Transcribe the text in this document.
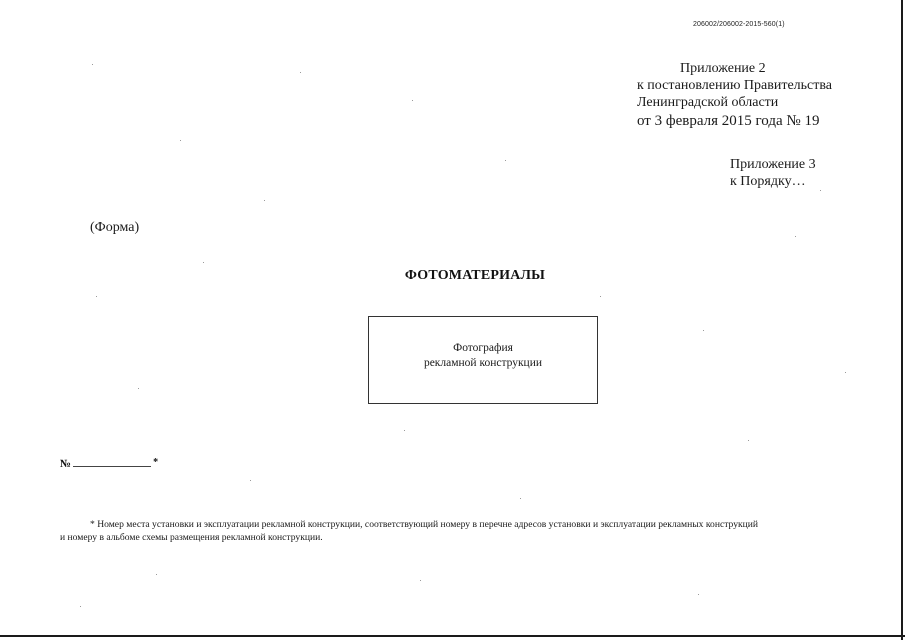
206002/206002-2015-560(1)
Приложение 2
к постановлению Правительства
Ленинградской области
от 3 февраля 2015 года № 19
Приложение 3
к Порядку…
(Форма)
ФОТОМАТЕРИАЛЫ
Фотография
рекламной конструкции
№	*
* Номер места установки и эксплуатации рекламной конструкции, соответствующий номеру в перечне адресов установки и эксплуатации рекламных конструкций
и номеру в альбоме схемы размещения рекламной конструкции.
